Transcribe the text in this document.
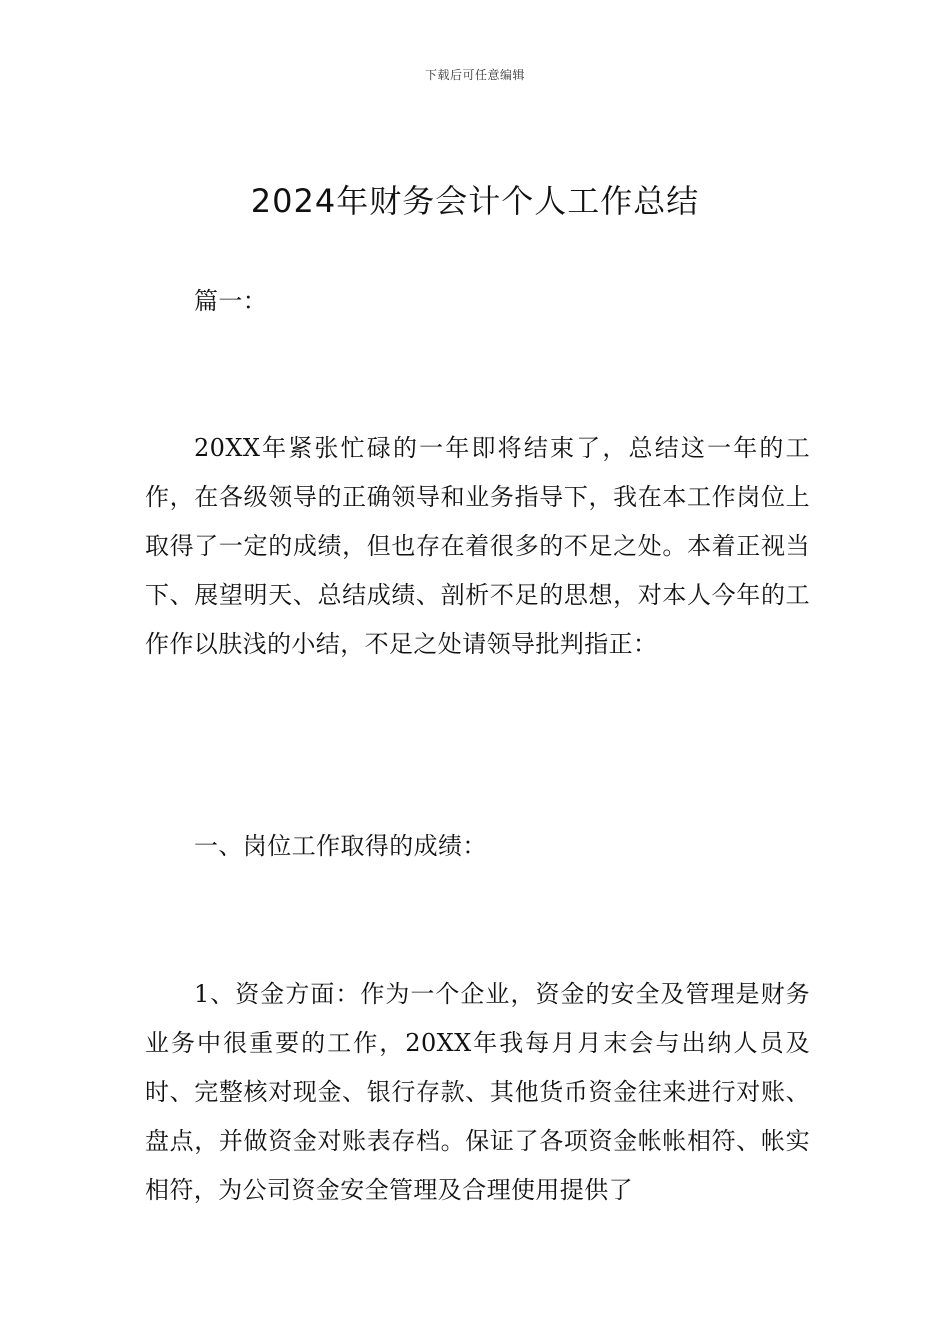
下载后可任意编辑
2024年财务会计个人工作总结

篇一：

20XX年紧张忙碌的一年即将结束了，总结这一年的工作，在各级领导的正确领导和业务指导下，我在本工作岗位上取得了一定的成绩，但也存在着很多的不足之处。本着正视当下、展望明天、总结成绩、剖析不足的思想，对本人今年的工作作以肤浅的小结，不足之处请领导批判指正：

一、岗位工作取得的成绩：

1、资金方面：作为一个企业，资金的安全及管理是财务业务中很重要的工作，20XX年我每月月末会与出纳人员及时、完整核对现金、银行存款、其他货币资金往来进行对账、盘点，并做资金对账表存档。保证了各项资金帐帐相符、帐实相符，为公司资金安全管理及合理使用提供了
